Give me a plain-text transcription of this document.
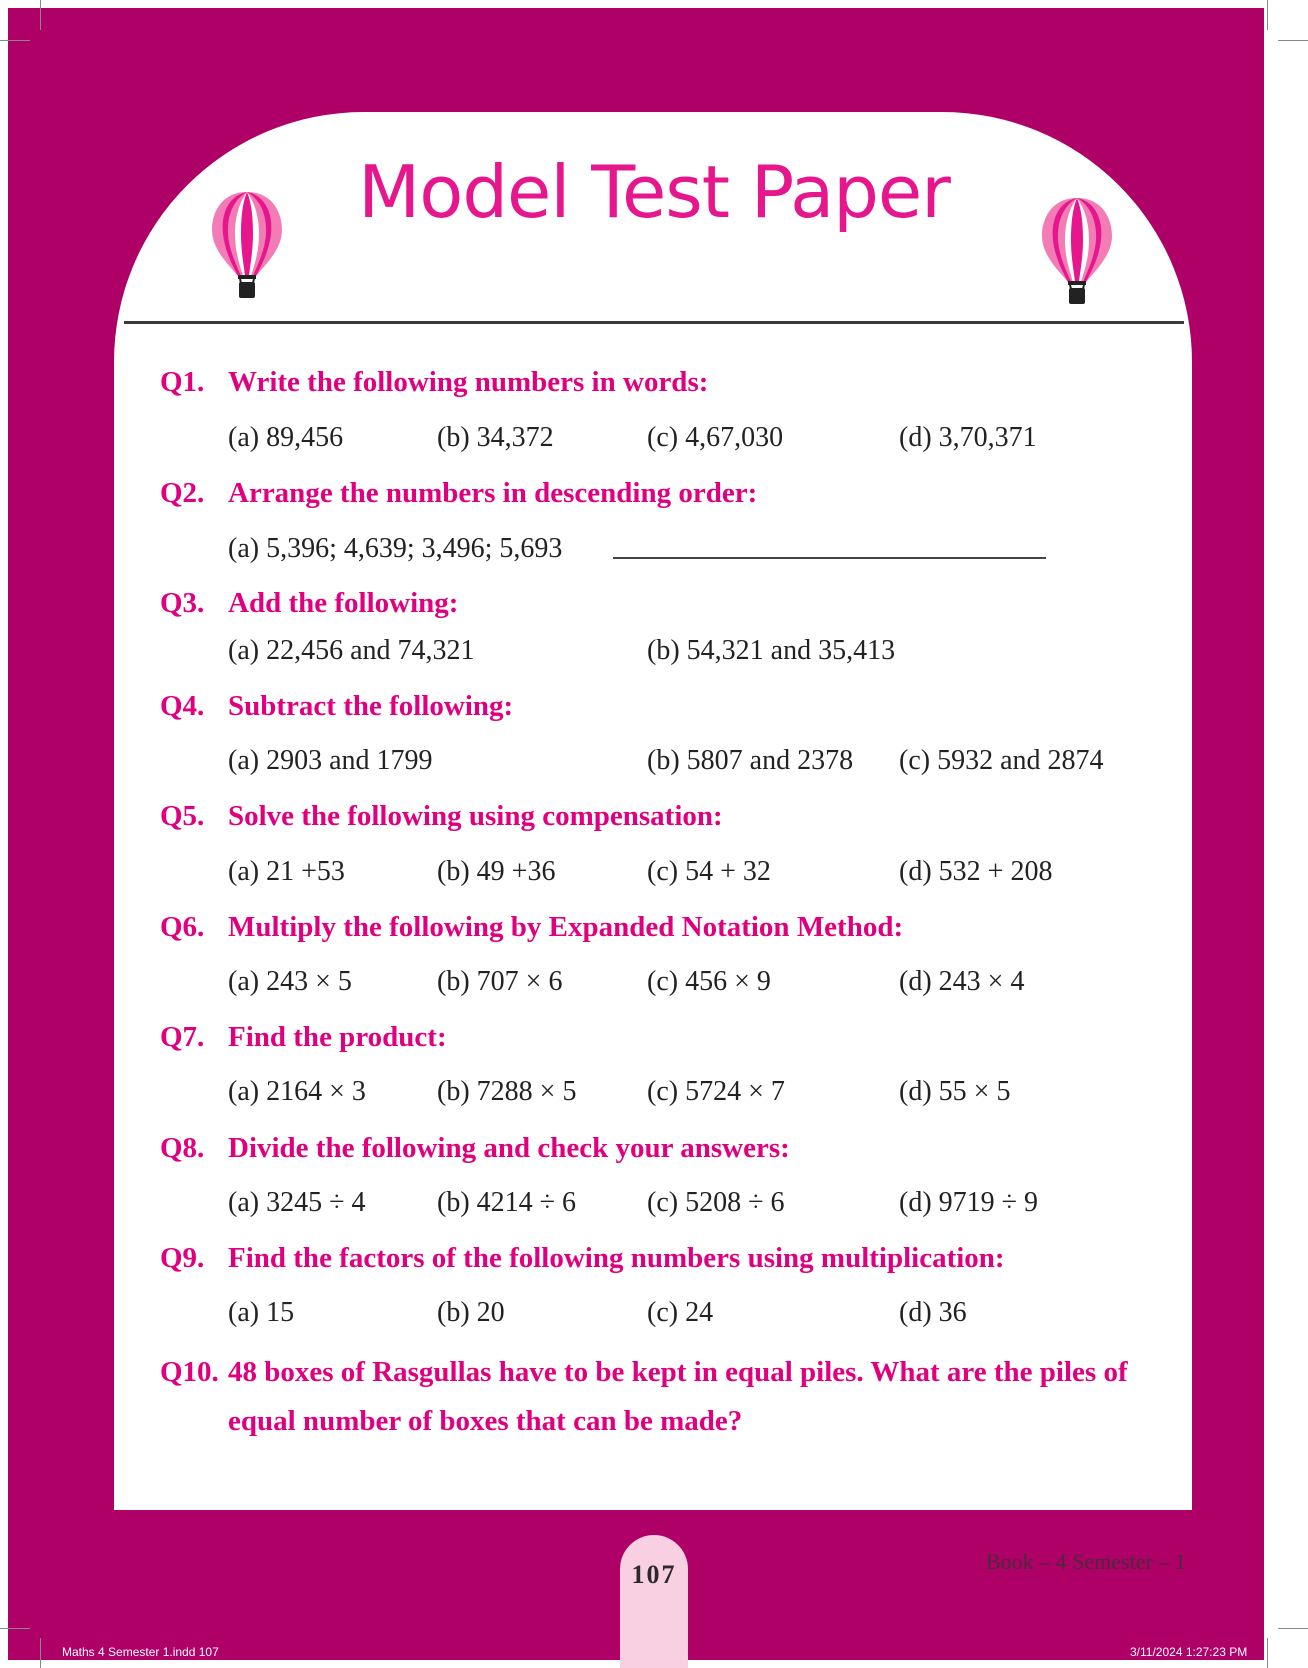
Model Test Paper
Q1. Write the following numbers in words:
(a) 89,456	(b) 34,372	(c) 4,67,030	(d) 3,70,371
Q2. Arrange the numbers in descending order:
(a) 5,396; 4,639; 3,496; 5,693
Q3. Add the following:
(a) 22,456 and 74,321	(b) 54,321 and 35,413
Q4. Subtract the following:
(a) 2903 and 1799	(b) 5807 and 2378 (c) 5932 and 2874
Q5. Solve the following using compensation:
(a) 21 +53	(b) 49 +36	(c) 54 + 32	(d) 532 + 208
Q6. Multiply the following by Expanded Notation Method:
(a) 243 × 5	(b) 707 × 6	(c) 456 × 9	(d) 243 × 4
Q7. Find the product:
(a) 2164 × 3	(b) 7288 × 5	(c) 5724 × 7	(d) 55 × 5
Q8. Divide the following and check your answers:
(a) 3245 ÷ 4	(b) 4214 ÷ 6	(c) 5208 ÷ 6	(d) 9719 ÷ 9
Q9. Find the factors of the following numbers using multiplication:
(a) 15	(b) 20	(c) 24	(d) 36
Q10. 48 boxes of Rasgullas have to be kept in equal piles. What are the piles of equal number of boxes that can be made?
107	Book – 4 Semester – 1
Maths 4 Semester 1.indd 107	3/11/2024 1:27:23 PM
